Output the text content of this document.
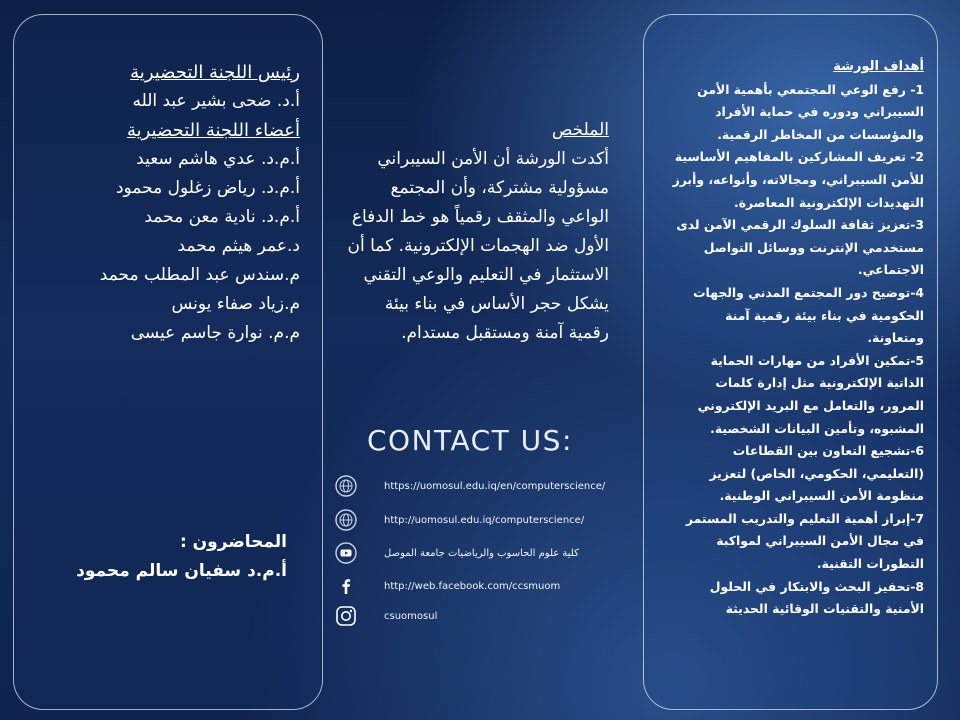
رئيس اللجنة التحضيرية
أ.د. ضحى بشير عبد الله
أعضاء اللجنة التحضيرية
أ.م.د. عدي هاشم سعيد
أ.م.د. رياض زغلول محمود
أ.م.د. نادية معن محمد
د.عمر هيثم محمد
م.سندس عبد المطلب محمد
م.زياد صفاء يونس
م.م. نوارة جاسم عيسى
المحاضرون :
أ.م.د سفيان سالم محمود
الملخص
أكدت الورشة أن الأمن السيبراني مسؤولية مشتركة، وأن المجتمع الواعي والمثقف رقمياً هو خط الدفاع الأول ضد الهجمات الإلكترونية. كما أن الاستثمار في التعليم والوعي التقني يشكل حجر الأساس في بناء بيئة رقمية آمنة ومستقبل مستدام.
CONTACT US:
https://uomosul.edu.iq/en/computerscience/
http://uomosul.edu.iq/computerscience/
كلية علوم الحاسوب والرياضيات جامعة الموصل
http://web.facebook.com/ccsmuom
csuomosul
أهداف الورشة

1- رفع الوعي المجتمعي بأهمية الأمن السيبراني ودوره في حماية الأفراد والمؤسسات من المخاطر الرقمية.

2- تعريف المشاركين بالمفاهيم الأساسية للأمن السيبراني، ومجالاته، وأنواعه، وأبرز التهديدات الإلكترونية المعاصرة.

3-تعزيز ثقافة السلوك الرقمي الآمن لدى مستخدمي الإنترنت ووسائل التواصل الاجتماعي.

4-توضيح دور المجتمع المدني والجهات الحكومية في بناء بيئة رقمية آمنة ومتعاونة.

5-تمكين الأفراد من مهارات الحماية الذاتية الإلكترونية مثل إدارة كلمات المرور، والتعامل مع البريد الإلكتروني المشبوه، وتأمين البيانات الشخصية.

6-تشجيع التعاون بين القطاعات (التعليمي، الحكومي، الخاص) لتعزيز منظومة الأمن السيبراني الوطنية.

7-إبراز أهمية التعليم والتدريب المستمر في مجال الأمن السيبراني لمواكبة التطورات التقنية.

8-تحفيز البحث والابتكار في الحلول الأمنية والتقنيات الوقائية الحديثة
